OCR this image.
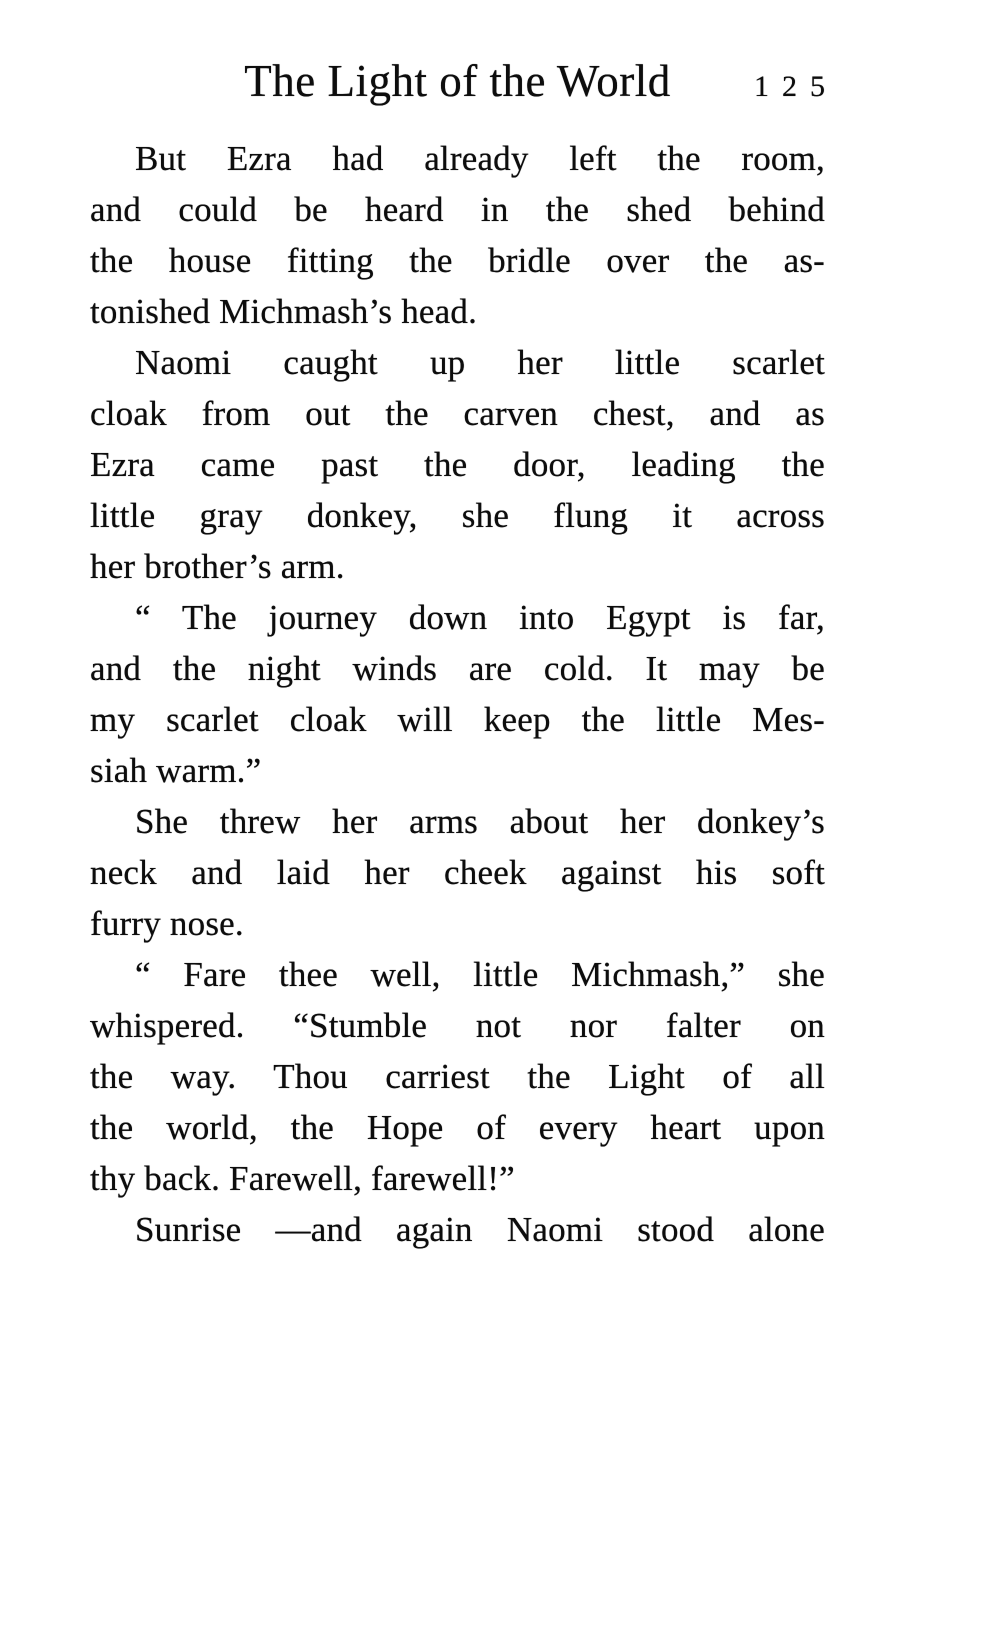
The Light of the World	125
But Ezra had already left the room,
and could be heard in the shed behind
the house fitting the bridle over the as-
tonished Michmash’s head.
Naomi caught up her little scarlet
cloak from out the carven chest, and as
Ezra came past the door, leading the
little gray donkey, she flung it across
her brother’s arm.
“ The journey down into Egypt is far,
and the night winds are cold. It may be
my scarlet cloak will keep the little Mes-
siah warm.”
She threw her arms about her donkey’s
neck and laid her cheek against his soft
furry nose.
“ Fare thee well, little Michmash,” she
whispered. “Stumble not nor falter on
the way. Thou carriest the Light of all
the world, the Hope of every heart upon
thy back. Farewell, farewell!”
Sunrise —and again Naomi stood alone
